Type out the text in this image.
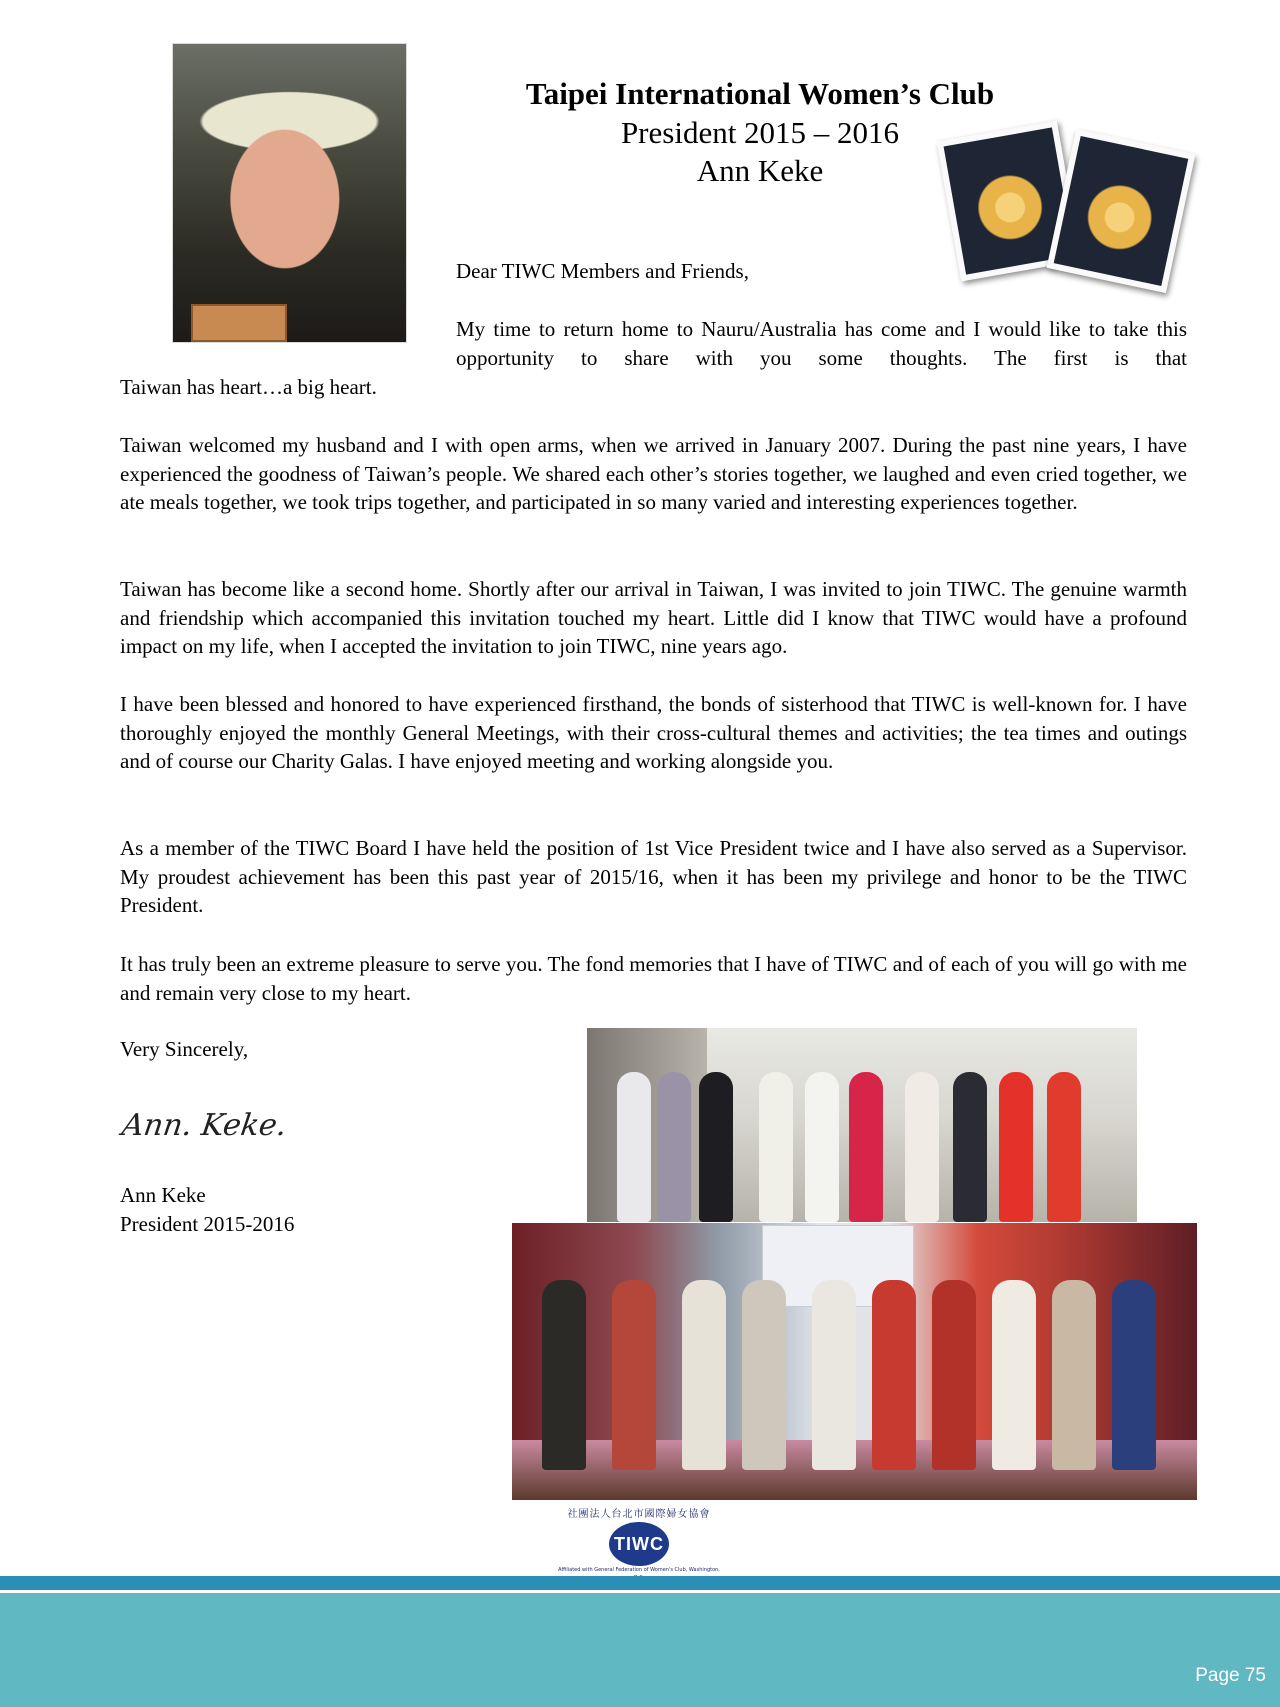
Taipei International Women’s Club
President 2015 – 2016
Ann Keke
Dear TIWC Members and Friends,
My time to return home to Nauru/Australia has come and I would like to take this opportunity to share with you some thoughts. The first is that
Taiwan has heart…a big heart.
Taiwan welcomed my husband and I with open arms, when we arrived in January 2007. During the past nine years, I have experienced the goodness of Taiwan’s people. We shared each other’s stories together, we laughed and even cried together, we ate meals together, we took trips together, and participated in so many varied and interesting experiences together.
Taiwan has become like a second home. Shortly after our arrival in Taiwan, I was invited to join TIWC. The genuine warmth and friendship which accompanied this invitation touched my heart. Little did I know that TIWC would have a profound impact on my life, when I accepted the invitation to join TIWC, nine years ago.
I have been blessed and honored to have experienced firsthand, the bonds of sisterhood that TIWC is well-known for. I have thoroughly enjoyed the monthly General Meetings, with their cross-cultural themes and activities; the tea times and outings and of course our Charity Galas. I have enjoyed meeting and working alongside you.
As a member of the TIWC Board I have held the position of 1st Vice President twice and I have also served as a Supervisor. My proudest achievement has been this past year of 2015/16, when it has been my privilege and honor to be the TIWC President.
It has truly been an extreme pleasure to serve you. The fond memories that I have of TIWC and of each of you will go with me and remain very close to my heart.
Very Sincerely,
Ann. Keke.
Ann Keke
President 2015-2016
社團法人台北市國際婦女協會
TIWC
Affiliated with General Federation of Women's Club, Washington,
Page 75
